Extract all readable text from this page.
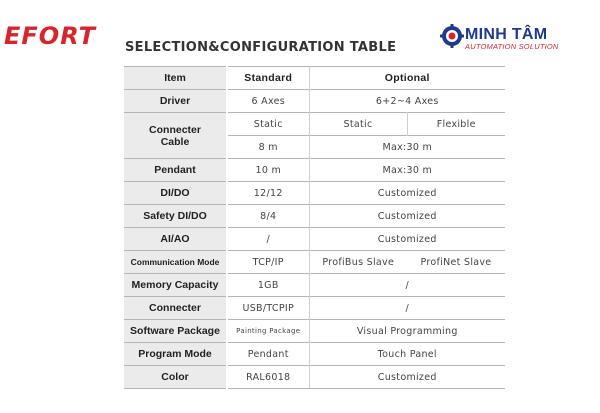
EFORT SELECTION&CONFIGURATION TABLE
MINH TÂM
AUTOMATION SOLUTION
Item	Standard	Optional	
Driver	6 Axes	6+2~4 Axes	
Connecter Cable	Static	Static	Flexible
	8 m	Max:30 m	
Pendant	10 m	Max:30 m	
DI/DO	12/12	Customized	
Safety DI/DO	8/4	Customized	
AI/AO	/	Customized	
Communication Mode	TCP/IP	ProfiBus Slave	ProfiNet Slave
Memory Capacity	1GB	/	
Connecter	USB/TCPIP	/	
Software Package	Painting Package	Visual Programming	
Program Mode	Pendant	Touch Panel	
Color	RAL6018	Customized	
